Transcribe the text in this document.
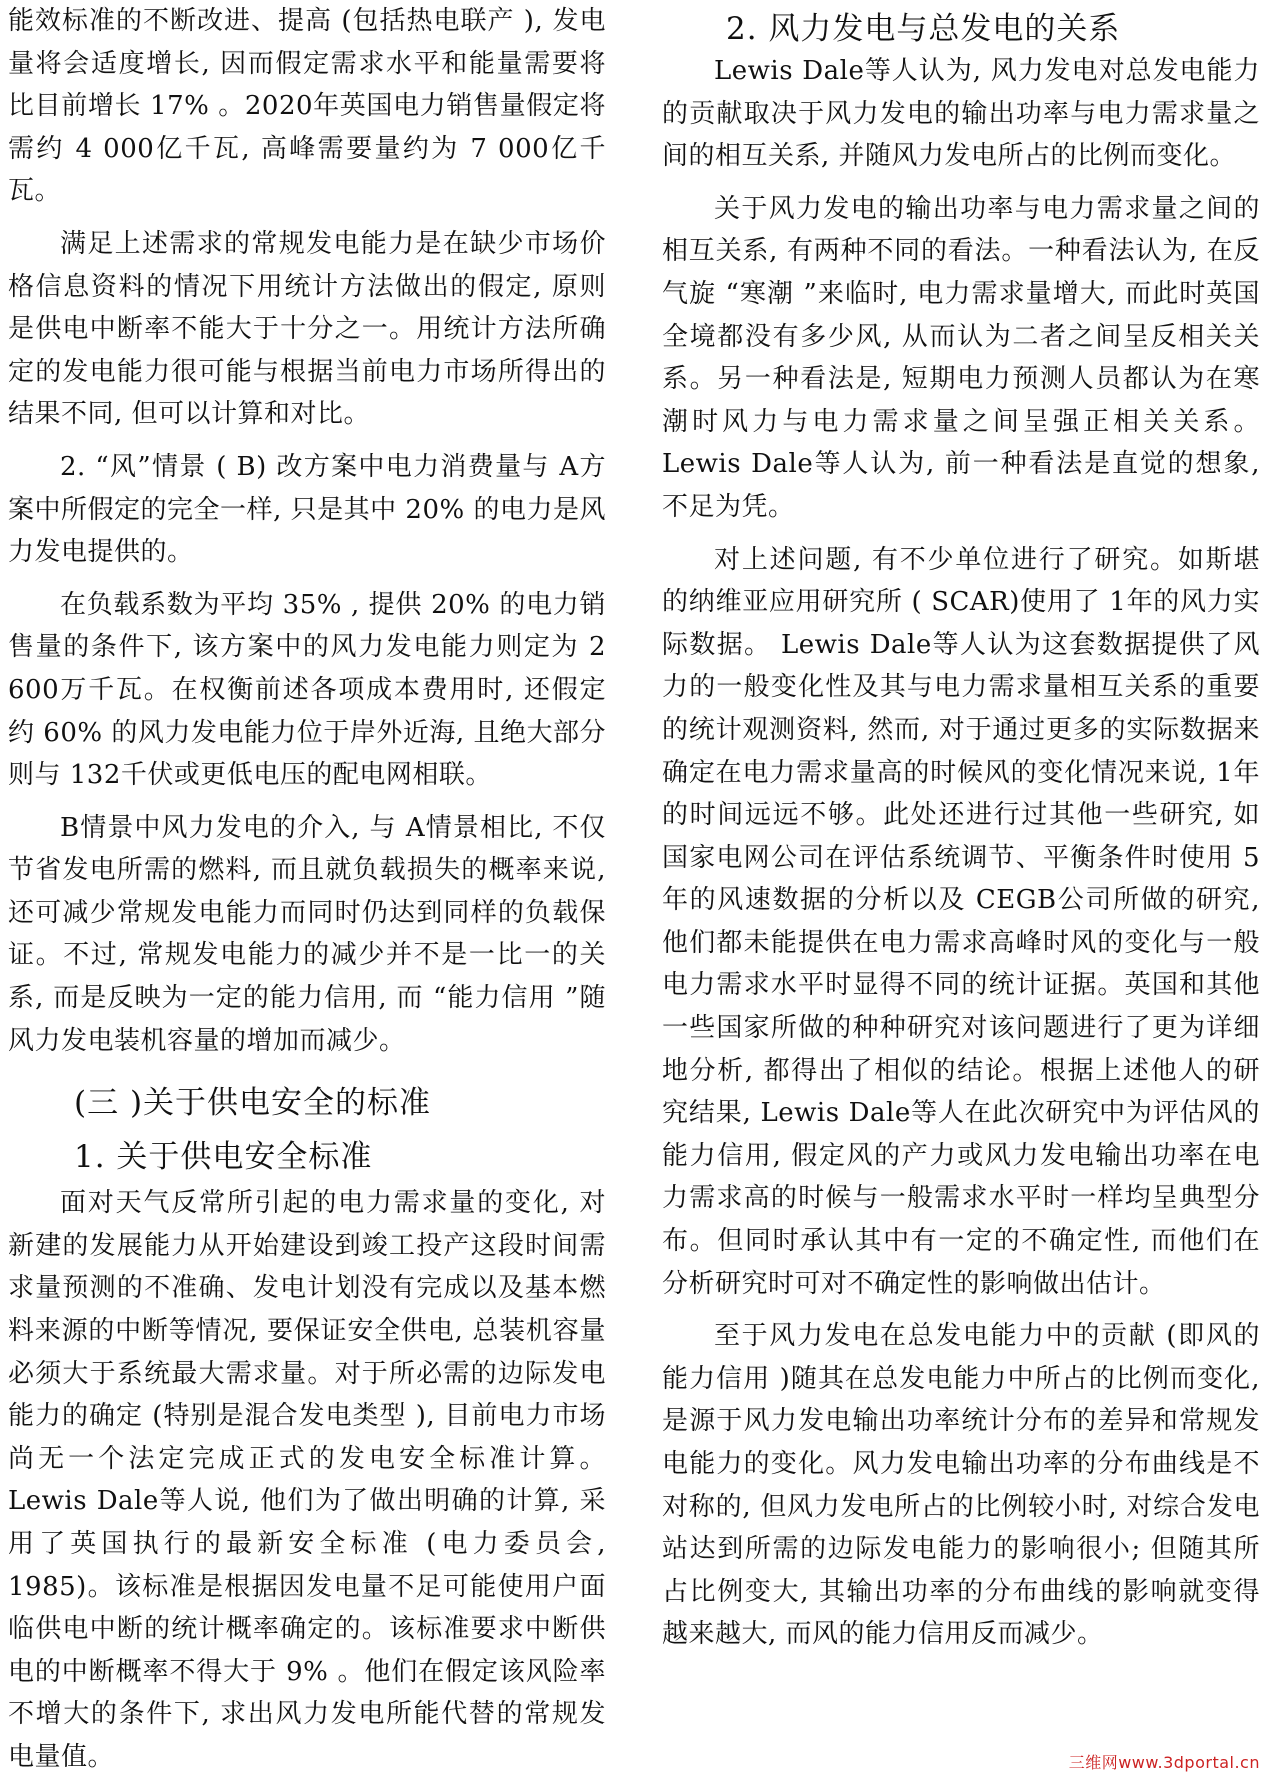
能效标准的不断改进、提高 (包括热电联产 ), 发电量将会适度增长, 因而假定需求水平和能量需要将比目前增长 17% 。2020年英国电力销售量假定将需约 4 000亿千瓦, 高峰需要量约为 7 000亿千瓦。

满足上述需求的常规发电能力是在缺少市场价格信息资料的情况下用统计方法做出的假定, 原则是供电中断率不能大于十分之一。用统计方法所确定的发电能力很可能与根据当前电力市场所得出的结果不同, 但可以计算和对比。

2. “风”情景 ( B) 改方案中电力消费量与 A方案中所假定的完全一样, 只是其中 20% 的电力是风力发电提供的。

在负载系数为平均 35% , 提供 20% 的电力销售量的条件下, 该方案中的风力发电能力则定为 2 600万千瓦。在权衡前述各项成本费用时, 还假定约 60% 的风力发电能力位于岸外近海, 且绝大部分则与 132千伏或更低电压的配电网相联。

B情景中风力发电的介入, 与 A情景相比, 不仅节省发电所需的燃料, 而且就负载损失的概率来说, 还可减少常规发电能力而同时仍达到同样的负载保证。不过, 常规发电能力的减少并不是一比一的关系, 而是反映为一定的能力信用, 而 “能力信用 ”随风力发电装机容量的增加而减少。

(三 )关于供电安全的标准
1. 关于供电安全标准

面对天气反常所引起的电力需求量的变化, 对新建的发展能力从开始建设到竣工投产这段时间需求量预测的不准确、发电计划没有完成以及基本燃料来源的中断等情况, 要保证安全供电, 总装机容量必须大于系统最大需求量。对于所必需的边际发电能力的确定 (特别是混合发电类型 ), 目前电力市场尚无一个法定完成正式的发电安全标准计算。 Lewis Dale等人说, 他们为了做出明确的计算, 采用了英国执行的最新安全标准 (电力委员会, 1985)。该标准是根据因发电量不足可能使用户面临供电中断的统计概率确定的。该标准要求中断供电的中断概率不得大于 9% 。他们在假定该风险率不增大的条件下, 求出风力发电所能代替的常规发电量值。

2. 风力发电与总发电的关系

Lewis Dale等人认为, 风力发电对总发电能力的贡献取决于风力发电的输出功率与电力需求量之间的相互关系, 并随风力发电所占的比例而变化。

关于风力发电的输出功率与电力需求量之间的相互关系, 有两种不同的看法。一种看法认为, 在反气旋 “寒潮 ”来临时, 电力需求量增大, 而此时英国全境都没有多少风, 从而认为二者之间呈反相关关系。另一种看法是, 短期电力预测人员都认为在寒潮时风力与电力需求量之间呈强正相关关系。 Lewis Dale等人认为, 前一种看法是直觉的想象, 不足为凭。

对上述问题, 有不少单位进行了研究。如斯堪的纳维亚应用研究所 ( SCAR)使用了 1年的风力实际数据。 Lewis Dale等人认为这套数据提供了风力的一般变化性及其与电力需求量相互关系的重要的统计观测资料, 然而, 对于通过更多的实际数据来确定在电力需求量高的时候风的变化情况来说, 1年的时间远远不够。此处还进行过其他一些研究, 如国家电网公司在评估系统调节、平衡条件时使用 5年的风速数据的分析以及 CEGB公司所做的研究, 他们都未能提供在电力需求高峰时风的变化与一般电力需求水平时显得不同的统计证据。英国和其他一些国家所做的种种研究对该问题进行了更为详细地分析, 都得出了相似的结论。根据上述他人的研究结果, Lewis Dale等人在此次研究中为评估风的能力信用, 假定风的产力或风力发电输出功率在电力需求高的时候与一般需求水平时一样均呈典型分布。但同时承认其中有一定的不确定性, 而他们在分析研究时可对不确定性的影响做出估计。

至于风力发电在总发电能力中的贡献 (即风的能力信用 )随其在总发电能力中所占的比例而变化, 是源于风力发电输出功率统计分布的差异和常规发电能力的变化。风力发电输出功率的分布曲线是不对称的, 但风力发电所占的比例较小时, 对综合发电站达到所需的边际发电能力的影响很小; 但随其所占比例变大, 其输出功率的分布曲线的影响就变得越来越大, 而风的能力信用反而减少。

三维网www.3dportal.cn
